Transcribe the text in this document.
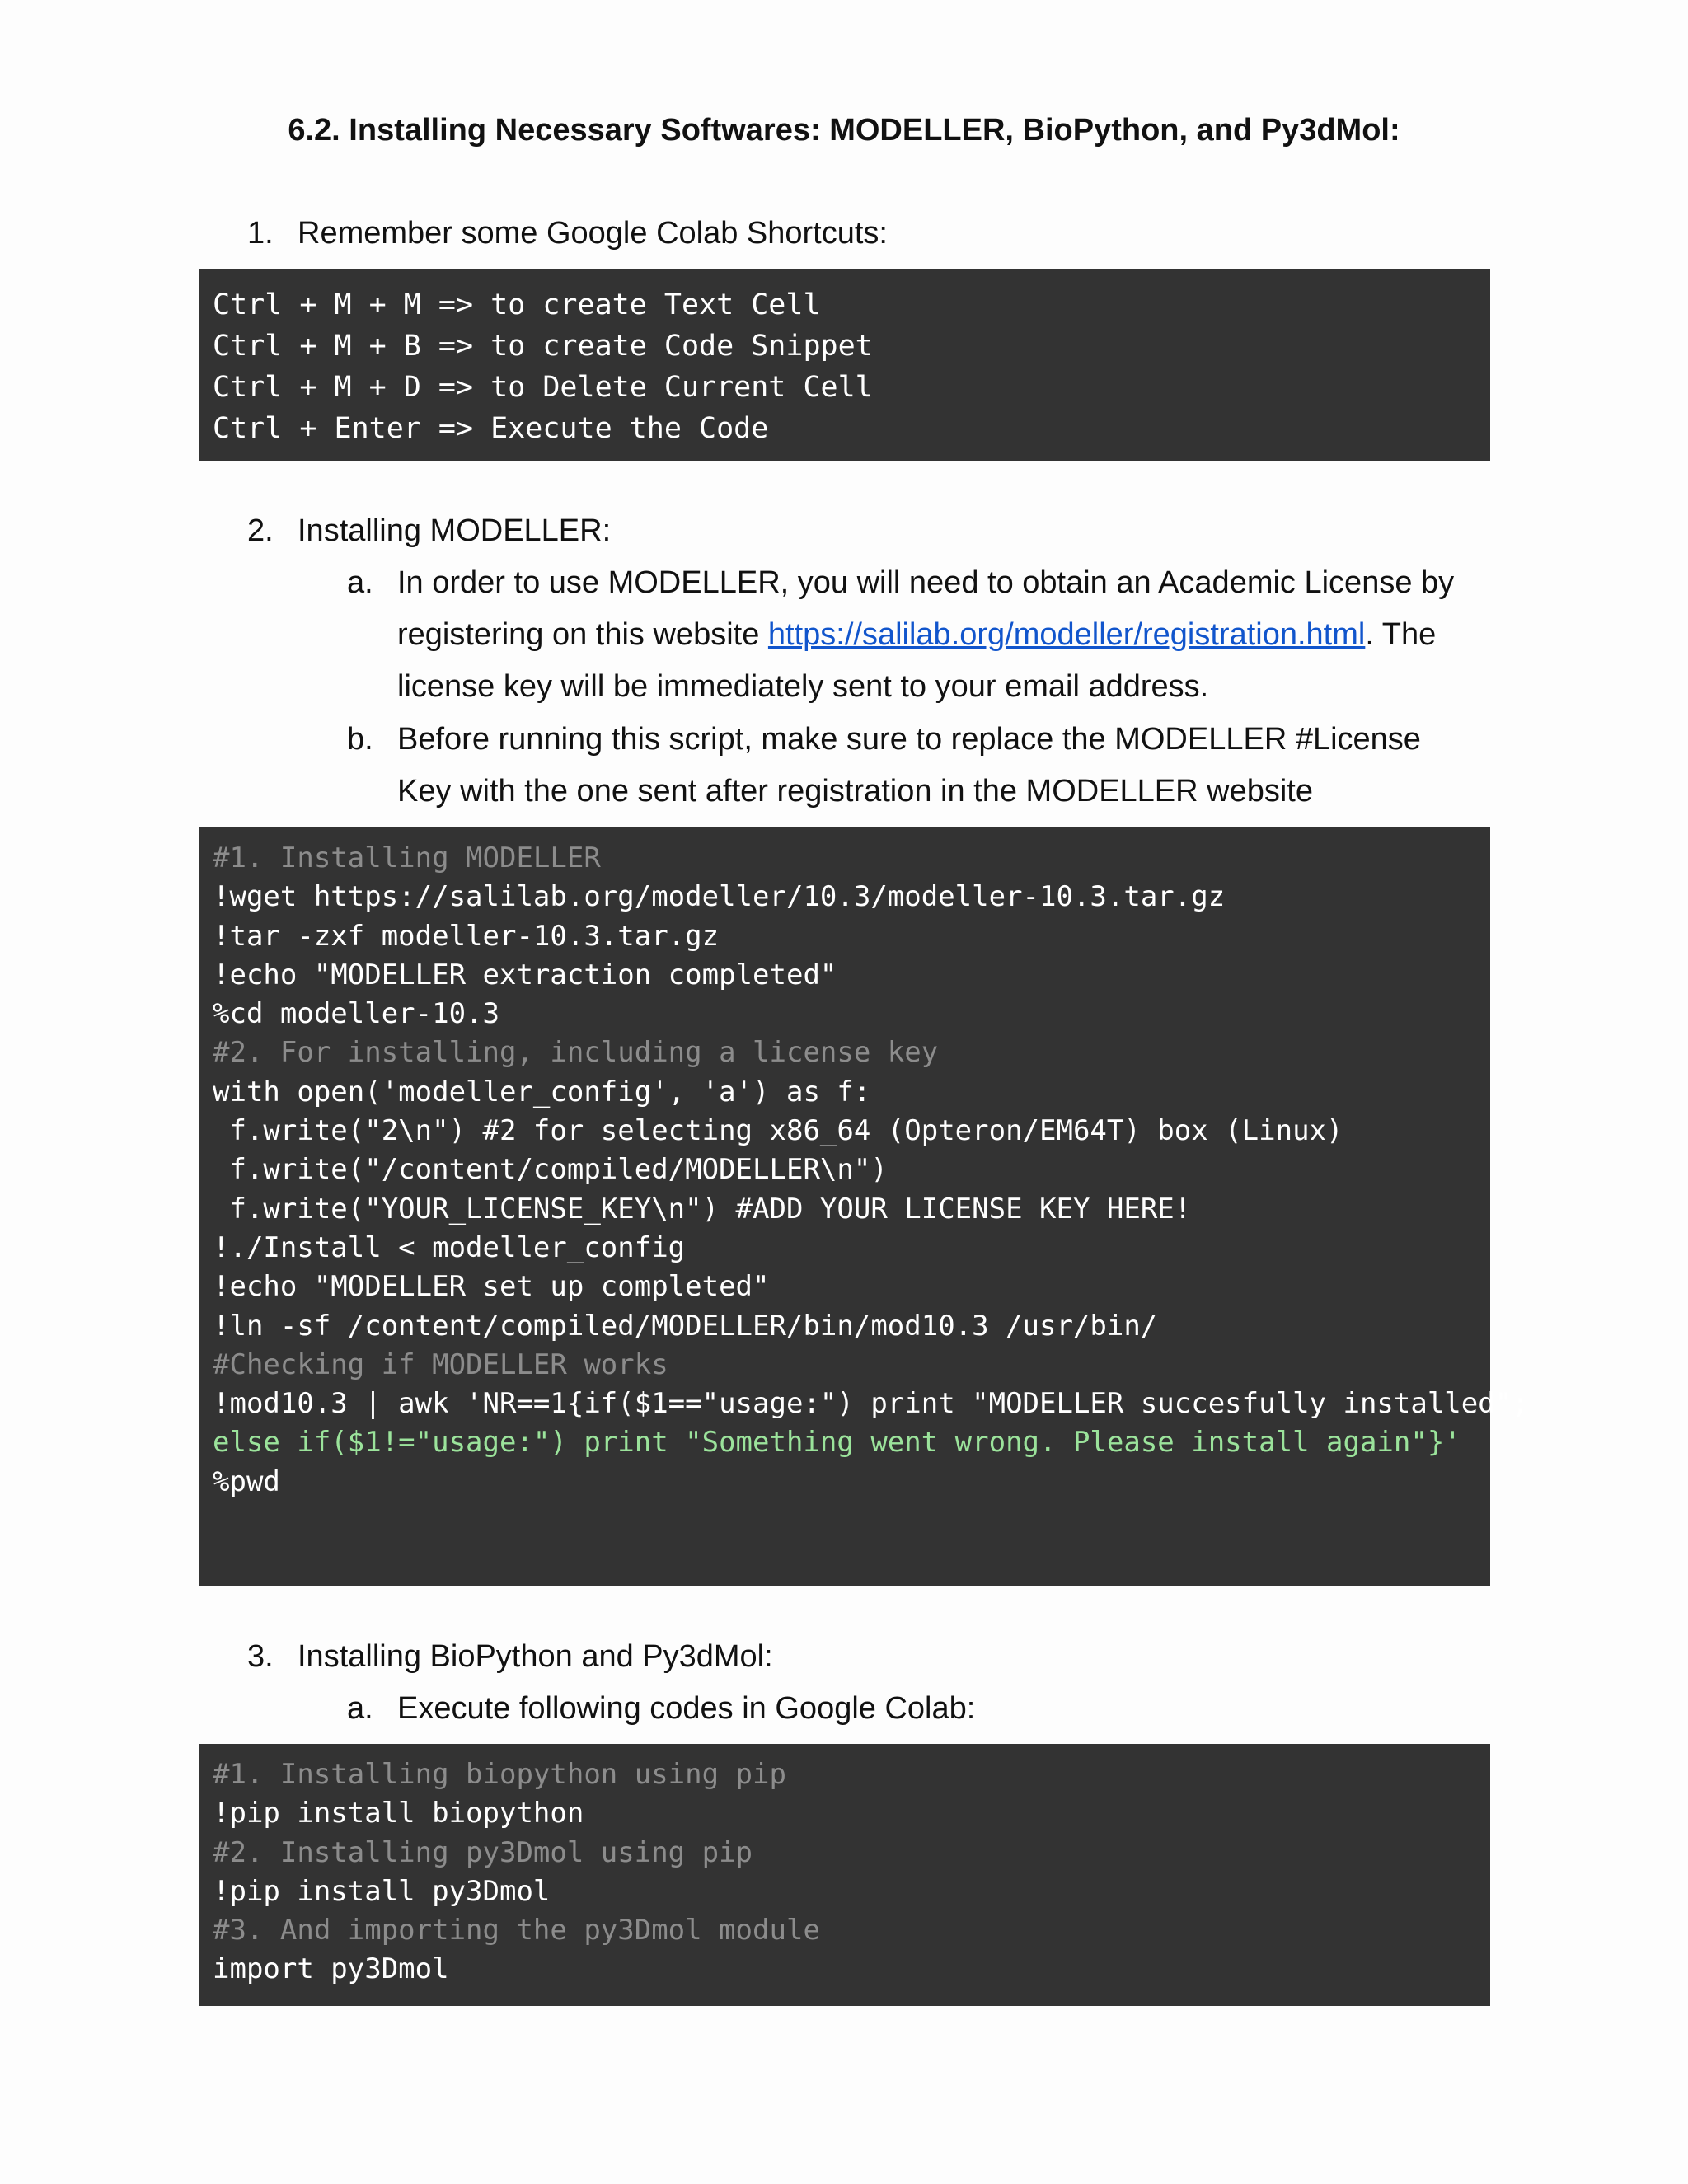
6.2. Installing Necessary Softwares: MODELLER, BioPython, and Py3dMol:
1. Remember some Google Colab Shortcuts:
Ctrl + M + M => to create Text Cell
Ctrl + M + B => to create Code Snippet
Ctrl + M + D => to Delete Current Cell
Ctrl + Enter => Execute the Code
2. Installing MODELLER:
a. In order to use MODELLER, you will need to obtain an Academic License by registering on this website https://salilab.org/modeller/registration.html. The license key will be immediately sent to your email address.

b. Before running this script, make sure to replace the MODELLER #License Key with the one sent after registration in the MODELLER website

#1. Installing MODELLER
!wget https://salilab.org/modeller/10.3/modeller-10.3.tar.gz
!tar -zxf modeller-10.3.tar.gz
!echo "MODELLER extraction completed"
%cd modeller-10.3
#2. For installing, including a license key
with open('modeller_config', 'a') as f:
f.write("2\n") #2 for selecting x86_64 (Opteron/EM64T) box (Linux)
f.write("/content/compiled/MODELLER\n")
f.write("YOUR_LICENSE_KEY\n") #ADD YOUR LICENSE KEY HERE!
!./Install < modeller_config
!echo "MODELLER set up completed"
!ln -sf /content/compiled/MODELLER/bin/mod10.3 /usr/bin/
#Checking if MODELLER works
!mod10.3 | awk 'NR==1{if($1=="usage:") print "MODELLER succesfully installed";
else if($1!="usage:") print "Something went wrong. Please install again"}'
%pwd
3. Installing BioPython and Py3dMol:
a. Execute following codes in Google Colab:

#1. Installing biopython using pip
!pip install biopython
#2. Installing py3Dmol using pip
!pip install py3Dmol
#3. And importing the py3Dmol module
import py3Dmol
